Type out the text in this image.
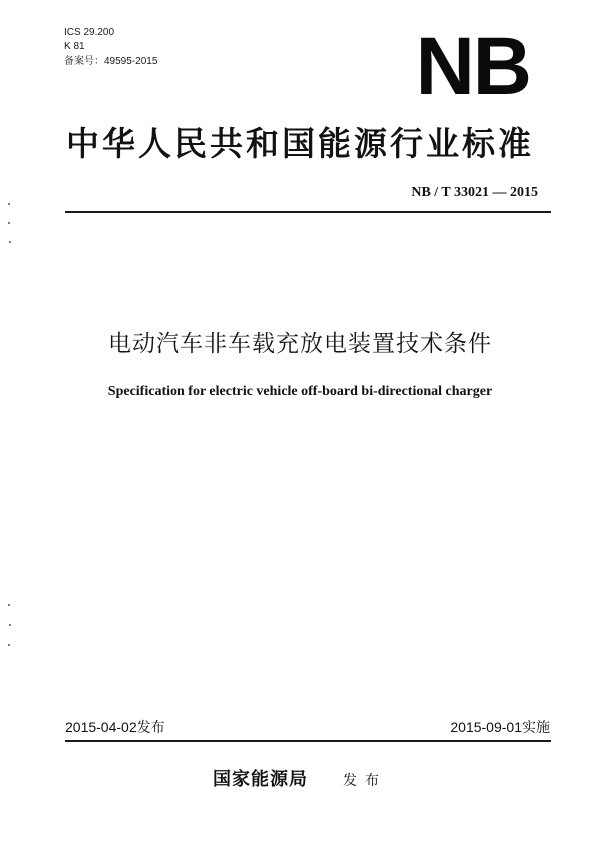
ICS 29.200
K 81
备案号：49595-2015	NB
中华人民共和国能源行业标准
NB / T 33021 — 2015
电动汽车非车载充放电装置技术条件
Specification for electric vehicle off-board bi-directional charger
2015-04-02发布	2015-09-01实施
国家能源局	发布
